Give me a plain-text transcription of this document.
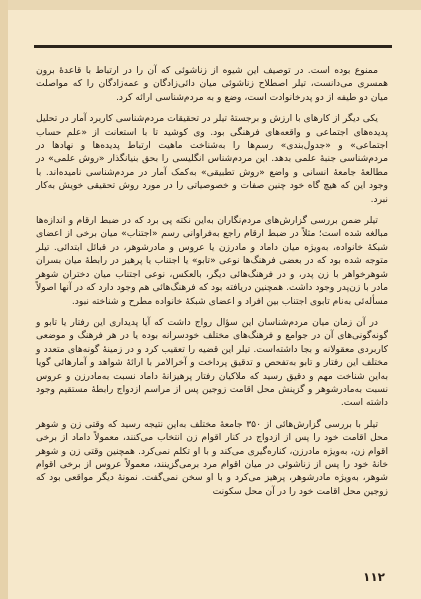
ممنوع بوده است. در توصیف این شیوه از زناشوئی که آن را در ارتباط با قاعدهٔ برون همسری می‌دانست، تیلر اصطلاح زناشوئی میان دائی‌زادگان و عمه‌زادگان را که مواصلت میان دو طیفه از دو پدرخانوادت است، وضع و به مردم‌شناسی ارائه کرد.

یکی دیگر از کارهای با ارزش و برجستهٔ تیلر در تحقیقات مردم‌شناسی کاربرد آمار در تحلیل پدیده‌های اجتماعی و واقعه‌های فرهنگی بود. وی کوشید تا با استعانت از «علم حساب اجتماعی» و «جدول‌بندی» رسم‌ها را به‌شناخت ماهیت ارتباط پدیده‌ها و نهادها در مردم‌شناسی جنبهٔ علمی بدهد. این مردم‌شناس انگلیسی را بحق بنیانگذار «روش علمی» در مطالعهٔ جامعهٔ انسانی و واضع «روش تطبیقی» به‌کمک آمار در مردم‌شناسی نامیده‌اند. با وجود این که هیچ گاه خود چنین صفات و خصوصیاتی را در مورد روش تحقیقی خویش به‌کار نبرد.

تیلر ضمن بررسی گزارش‌های مردم‌نگاران به‌این نکته پی برد که در ضبط ارقام و اندازه‌ها مبالغه شده است؛ مثلاً در ضبط ارقام راجع به‌فراوانی رسم «اجتناب» میان برخی از اعضای شبکهٔ خانواده، به‌ویژه میان داماد و مادرزن یا عروس و مادرشوهر، در قبائل ابتدائی. تیلر متوجه شده بود که در بعضی فرهنگ‌ها نوعی «تابو» یا اجتناب یا پرهیز در رابطهٔ میان بسران شوهرخواهر با زن پدر، و در فرهنگ‌هائی دیگر، بالعکس، نوعی اجتناب میان دختران شوهر مادر با زن‌پدر وجود داشت. همچنین دریافته بود که فرهنگ‌هائی هم وجود دارد که در آنها اصولاً مسأله‌ئی به‌نام تابوی اجتناب بین افراد و اعضای شبکهٔ خانواده مطرح و شناخته نبود.

در آن زمان میان مردم‌شناسان این سؤال رواج داشت که آیا پدیداری این رفتار یا تابو و گونه‌گونی‌های آن در جوامع و فرهنگ‌های مختلف خودسرانه بوده یا در هر فرهنگ و موضعی کاربردی معقولانه و بجا داشته‌است. تیلر این قضیه را تعقیب کرد و در زمینهٔ گونه‌های متعدد و مختلف این رفتار و تابو به‌تفحص و تدقیق پرداخت و آخرالامر با ارائهٔ شواهد و آمارهائی گویا به‌این شناخت مهم و دقیق رسید که ملاکیان رفتار پرهیزانهٔ داماد نسبت به‌مادرزن و عروس نسبت به‌مادرشوهر و گزینش محل اقامت زوجین پس از مراسم ازدواج رابطهٔ مستقیم وجود داشته است.

تیلر با بررسی گزارش‌هائی از ۳۵۰ جامعهٔ مختلف به‌این نتیجه رسید که وقتی زن و شوهر محل اقامت خود را پس از ازدواج در کنار اقوام زن انتخاب می‌کنند، معمولاً داماد از برخی اقوام زن، به‌ویژه مادرزن، کناره‌گیری می‌کند و با او تکلم نمی‌کرد. همچنین وقتی زن و شوهر خانهٔ خود را پس از زناشوئی در میان اقوام مرد برمی‌گزینند، معمولاً عروس از برخی اقوام شوهر، به‌ویژه مادرشوهر، پرهیز می‌کرد و با او سخن نمی‌گفت. نمونهٔ دیگر مواقعی بود که زوجین محل اقامت خود را در آن محل سکونت

۱۱۲
